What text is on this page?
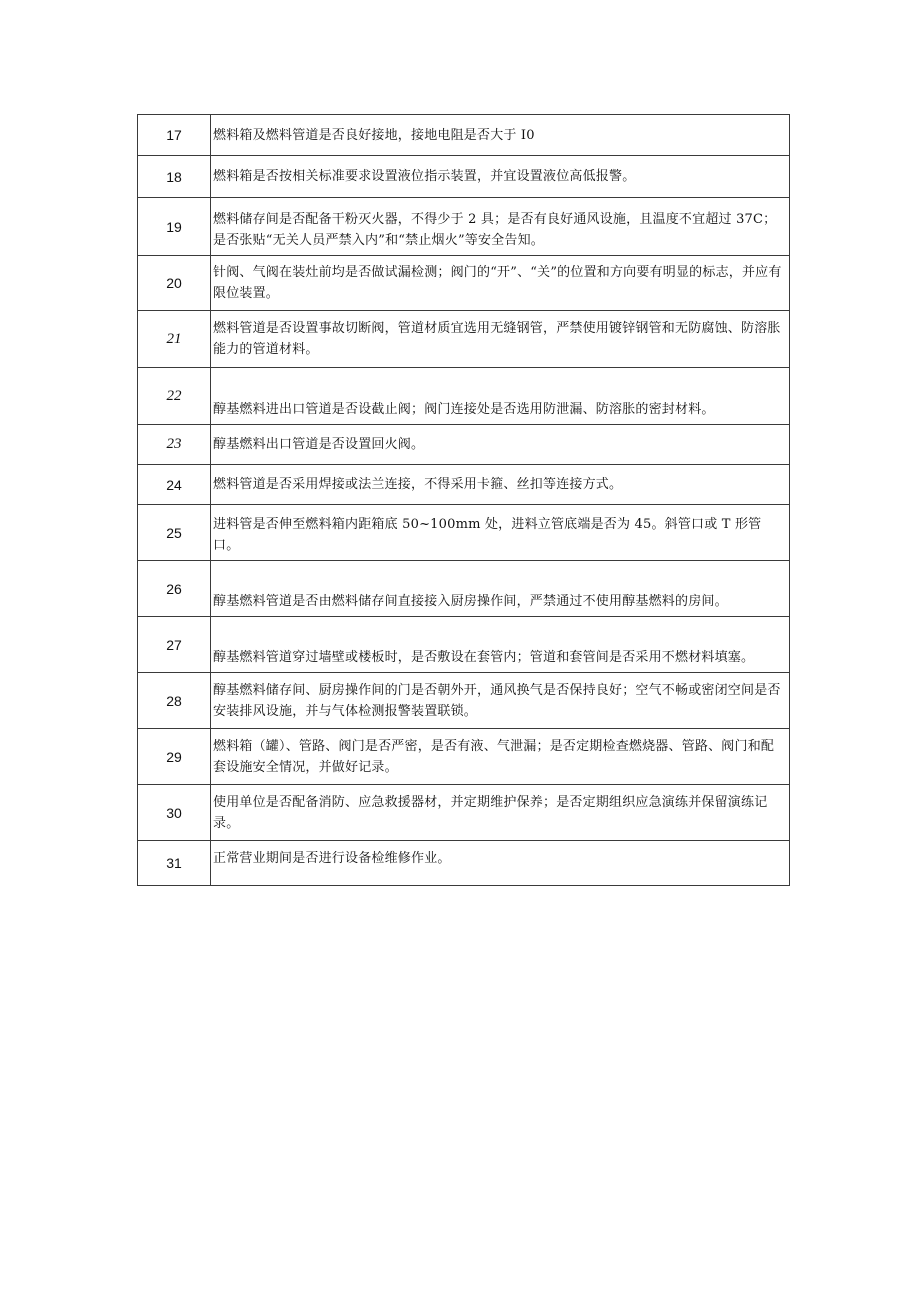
17	燃料箱及燃料管道是否良好接地，接地电阻是否大于 I0
18	燃料箱是否按相关标准要求设置液位指示装置，并宜设置液位高低报警。
19	燃料储存间是否配备干粉灭火器，不得少于 2 具；是否有良好通风设施，且温度不宜超过 37C；是否张贴“无关人员严禁入内”和“禁止烟火”等安全告知。
20	针阀、气阀在装灶前均是否做试漏检测；阀门的“开”、“关”的位置和方向要有明显的标志，并应有限位装置。
21	燃料管道是否设置事故切断阀，管道材质宜选用无缝钢管，严禁使用镀锌钢管和无防腐蚀、防溶胀能力的管道材料。
22	醇基燃料进出口管道是否设截止阀；阀门连接处是否选用防泄漏、防溶胀的密封材料。
23	醇基燃料出口管道是否设置回火阀。
24	燃料管道是否采用焊接或法兰连接，不得采用卡箍、丝扣等连接方式。
25	进料管是否伸至燃料箱内距箱底 50~100mm 处，进料立管底端是否为 45。斜管口或 T 形管口。
26	醇基燃料管道是否由燃料储存间直接接入厨房操作间，严禁通过不使用醇基燃料的房间。
27	醇基燃料管道穿过墙壁或楼板时，是否敷设在套管内；管道和套管间是否采用不燃材料填塞。
28	醇基燃料储存间、厨房操作间的门是否朝外开，通风换气是否保持良好；空气不畅或密闭空间是否安装排风设施，并与气体检测报警装置联锁。
29	燃料箱（罐）、管路、阀门是否严密，是否有液、气泄漏；是否定期检查燃烧器、管路、阀门和配套设施安全情况，并做好记录。
30	使用单位是否配备消防、应急救援器材，并定期维护保养；是否定期组织应急演练并保留演练记录。
31	正常营业期间是否进行设备检维修作业。
